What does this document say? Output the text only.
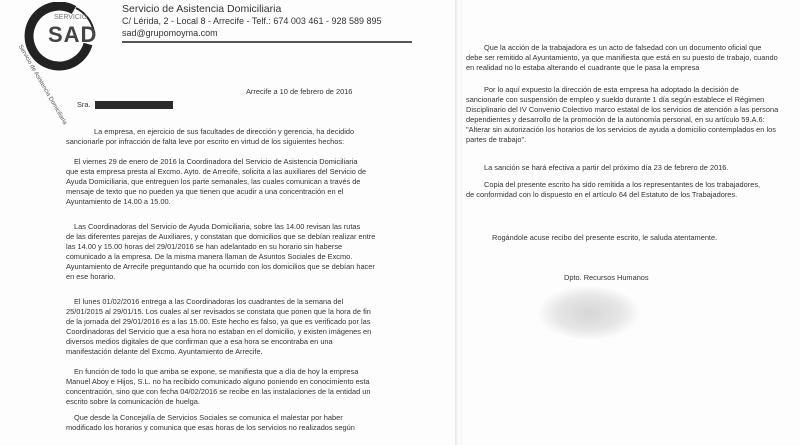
SERVICIO
SAD
Servicio de Asistencia Domiciliaria
Servicio de Asistencia Domiciliaria
C/ Lérida, 2 - Local 8 - Arrecife - Telf.: 674 003 461 - 928 589 895
sad@grupomoyma.com
Arrecife a 10 de febrero de 2016
Sra.
La empresa, en ejercicio de sus facultades de dirección y gerencia, ha decidido
sancionarle por infracción de falta leve por escrito en virtud de los siguientes hechos:
El viernes 29 de enero de 2016 la Coordinadora del Servicio de Asistencia Domiciliaria
que esta empresa presta al Excmo. Ayto. de Arrecife, solicita a las auxiliares del Servicio de
Ayuda Domiciliaria, que entreguen los parte semanales, las cuales comunican a través de
mensaje de texto que no pueden ya que tienen que acudir a una concentración en el
Ayuntamiento de 14.00 a 15.00.
Las Coordinadoras del Servicio de Ayuda Domiciliaria, sobre las 14.00 revisan las rutas
de las diferentes parejas de Auxiliares, y constatan que domicilios que se debían realizar entre
las 14.00 y 15.00 horas del 29/01/2016 se han adelantado en su horario sin haberse
comunicado a la empresa. De la misma manera llaman de Asuntos Sociales de Excmo.
Ayuntamiento de Arrecife preguntando que ha ocurrido con los domicilios que se debían hacer
en ese horario.
El lunes 01/02/2016 entrega a las Coordinadoras los cuadrantes de la semana del
25/01/2015 al 29/01/15. Los cuales al ser revisados se constata que ponen que la hora de fin
de la jornada del 29/01/2016 es a las 15.00. Este hecho es falso, ya que es verificado por las
Coordinadoras del Servicio que a esa hora no estaban en el domicilio, y existen imágenes en
diversos medios digitales de que confirman que a esa hora se encontraba en una
manifestación delante del Excmo. Ayuntamiento de Arrecife.
En función de todo lo que arriba se expone, se manifiesta que a día de hoy la empresa
Manuel Aboy e Hijos, S.L. no ha recibido comunicado alguno poniendo en conocimiento esta
concentración, sino que con fecha 04/02/2016 se recibe en las instalaciones de la entidad un
escrito sobre la comunicación de huelga.
Que desde la Concejalía de Servicios Sociales se comunica el malestar por haber
modificado los horarios y comunica que esas horas de los servicios no realizados según
Que la acción de la trabajadora es un acto de falsedad con un documento oficial que
debe ser remitido al Ayuntamiento, ya que manifiesta que está en su puesto de trabajo, cuando
en realidad no lo estaba alterando el cuadrante que le pasa la empresa
Por lo aquí expuesto la dirección de esta empresa ha adoptado la decisión de
sancionarle con suspensión de empleo y sueldo durante 1 día según establece el Régimen
Disciplinario del IV Convenio Colectivo marco estatal de los servicios de atención a las persona
dependientes y desarrollo de la promoción de la autonomía personal, en su artículo 59.A.6:
"Alterar sin autorización los horarios de los servicios de ayuda a domicilio contemplados en los
partes de trabajo".
La sanción se hará efectiva a partir del próximo día 23 de febrero de 2016.
Copia del presente escrito ha sido remitida a los representantes de los trabajadores,
de conformidad con lo dispuesto en el artículo 64 del Estatuto de los Trabajadores.
Rogándole acuse recibo del presente escrito, le saluda atentamente.
Dpto. Recursos Humanos
